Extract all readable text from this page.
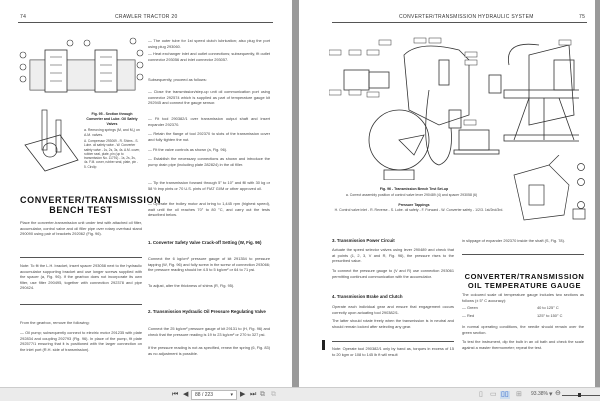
74	CRAWLER TRACTOR 20
Fig. 95 - Section through Converter and Lube. Oil Safety Valves
a. Removing springs (M, and M₁) on A.M. valves.
A. Compressor 293069 - R. Shims - S. Lube. oil safety valve - W. Converter safety valve - 1s, 2s, 3s, 4s. A.M. cover, rubber seal, plate, pin (up to transmission No. 11791) - 1s, 2s, 3s, 4s. F.M. cover, rubber seal, plate, pin - 5. Circlip
— The outer tube for 1st speed clutch lubrication; also plug the port using plug 293060.
— Heat exchanger inlet and outlet connections; subsequently, fit outlet connector 293056 and inlet connector 293057.
Subsequently, proceed as follows:
— Close the transmission/step-up unit oil communication port using connector 292574 which is supplied as part of temperature gauge kit 292945 and connect the gauge sensor.
— Fit tool 290382/1 over transmission output shaft and insert expander 292370.
— Retain the flange of tool 292370 to slots of the transmission cover and fully tighten the nut.
— Fit the valve controls as shown (a, Fig. 96).
— Establish the necessary connections as shown and introduce the pump drain pipe (including plate 282824) in the oil filler.
— Tip the transmission forward through 5° to 10° and fill with 30 kg or 58 ½ imp pints or 70 U.S. pints of FIAT GI/M or other approved oil.
— Operate the trolley motor and bring to 1,445 rpm (highest speed), wait until the oil reaches 70° to 80 °C, and carry out the tests described below.
CONVERTER/TRANSMISSION BENCH TEST
Place the converter-transmission unit under test with attached oil filter, accumulator, control valve and oil filler pipe over rotary overhaul stand 290090 using pair of brackets 292062 (Fig. 96).
Note: To fit the L.H. bracket, insert spacer 293058 next to the hydraulic accumulator supporting bracket and use longer screws supplied with the spacer (a, Fig. 96). If the gearbox does not incorporate its own filter, use filter 290495, together with connection 292378 and pipe 290424.
From the gearbox, remove the following:
— Oil pump; subsequently connect to electric motor 291235 with plate 292834 and coupling 292793 (Fig. 96). In place of the pump, fit plate 292577/1 ensuring that it is positioned with the larger connection on the inlet port (R.H. side of transmission).
1. Converter Safety Valve Crack-off Setting (W, Fig. 96)
Connect the 6 kg/cm² pressure gauge of kit 291354 to pressure tapping (W, Fig. 96) and fully screw in the screw of connection 293066; the pressure reading should be 4.5 to 5 kg/cm² or 64 to 71 psi.
To adjust, alter the thickness of shims (R, Fig. 95).
2. Transmission Hydraulic Oil Pressure Regulating Valve
Connect the 25 kg/cm² pressure gauge of kit 29131 to (H, Fig. 96) and check that the pressure reading is 19 to 23 kg/cm² or 270 to 327 psi.
If the pressure reading is not as specified, renew the spring (6, Fig. 83) as no adjustment is possible.
CONVERTER/TRANSMISSION HYDRAULIC SYSTEM	75
Fig. 96 - Transmission Bench Test Set-up
a. Correct assembly position of control valve lever 290489 (4) and spacer 293058 (6)
Pressure Tappings
H. Control valve inlet - R. Reverse - S. Lube. oil safety - F. Forward - W. Converter safety - 1/2/3. 1st/2nd/3rd.
3. Transmission Power Circuit
Actuate the speed selector valves using lever 290489 and check that at points (1, 2, 3, V and R, Fig. 96), the pressure rises to the prescribed value.
To connect the pressure gauge to (V and R) use connection 293061 permitting continued communication with the accumulator.
4. Transmission Brake and Clutch
Operate each individual gear and ensure that engagement occurs correctly upon actuating tool 290382/1.
The latter should rotate freely when the transmission is in neutral and should remain locked after selecting any gear.
Note: Operate tool 290382/1 only by hand as, torques in excess of 15 to 20 kgm or 108 to 145 lb ft will result
in slippage of expander 292370 inside the shaft (S, Fig. 78).
CONVERTER/TRANSMISSION OIL TEMPERATURE GAUGE
The coloured scale oil temperature gauge includes two sections as follows (± 5° C accuracy):
— Green	40 to 125° C
— Red	125° to 150° C
In normal operating conditions, the needle should remain over the green section.
To test the instrument, dip the bulb in an oil bath and check the scale against a master thermometer; repeat the test.
⏮ ◀	88 / 223	▾ ▶ ⏭ ⧉ ⧉	▯ ▭ ▯▯ ⊞ 93.38% ▾ ⊖
